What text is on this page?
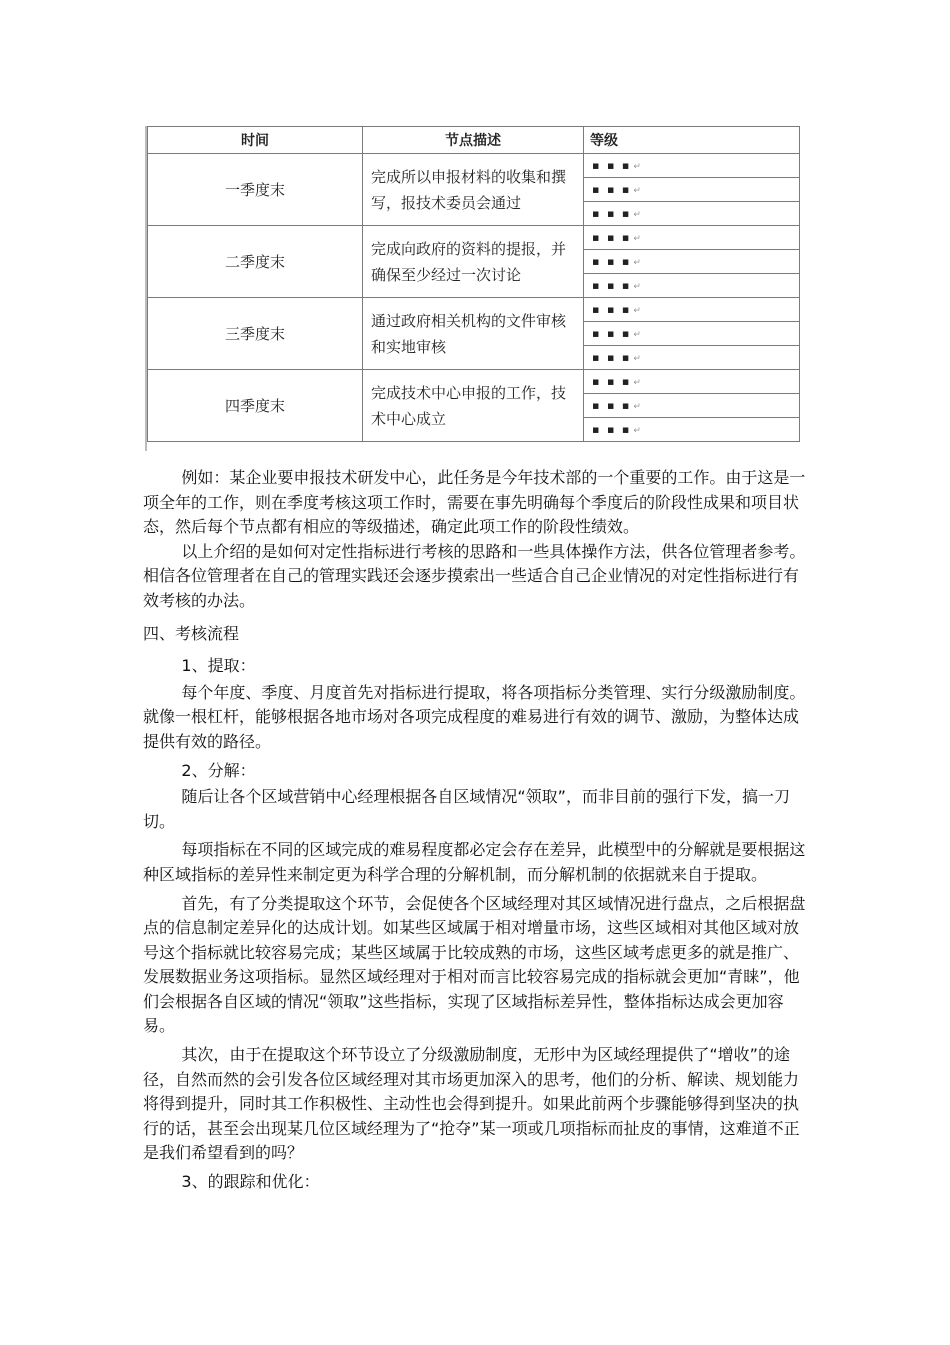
时间	节点描述	等级
一季度末	完成所以申报材料的收集和撰写，报技术委员会通过	▪ ▪ ▪ ↵
		▪ ▪ ▪ ↵
		▪ ▪ ▪ ↵
二季度末	完成向政府的资料的提报，并确保至少经过一次讨论	▪ ▪ ▪ ↵
		▪ ▪ ▪ ↵
		▪ ▪ ▪ ↵
三季度末	通过政府相关机构的文件审核和实地审核	▪ ▪ ▪ ↵
		▪ ▪ ▪ ↵
		▪ ▪ ▪ ↵
四季度末	完成技术中心申报的工作，技术中心成立	▪ ▪ ▪ ↵
		▪ ▪ ▪ ↵
		▪ ▪ ▪ ↵

例如：某企业要申报技术研发中心，此任务是今年技术部的一个重要的工作。由于这是一项全年的工作，则在季度考核这项工作时，需要在事先明确每个季度后的阶段性成果和项目状态，然后每个节点都有相应的等级描述，确定此项工作的阶段性绩效。

以上介绍的是如何对定性指标进行考核的思路和一些具体操作方法，供各位管理者参考。相信各位管理者在自己的管理实践还会逐步摸索出一些适合自己企业情况的对定性指标进行有效考核的办法。

四、考核流程

1、提取：

每个年度、季度、月度首先对指标进行提取，将各项指标分类管理、实行分级激励制度。就像一根杠杆，能够根据各地市场对各项完成程度的难易进行有效的调节、激励，为整体达成提供有效的路径。

2、分解：

随后让各个区域营销中心经理根据各自区域情况“领取”，而非目前的强行下发，搞一刀切。

每项指标在不同的区域完成的难易程度都必定会存在差异，此模型中的分解就是要根据这种区域指标的差异性来制定更为科学合理的分解机制，而分解机制的依据就来自于提取。

首先，有了分类提取这个环节，会促使各个区域经理对其区域情况进行盘点，之后根据盘点的信息制定差异化的达成计划。如某些区域属于相对增量市场，这些区域相对其他区域对放号这个指标就比较容易完成；某些区域属于比较成熟的市场，这些区域考虑更多的就是推广、发展数据业务这项指标。显然区域经理对于相对而言比较容易完成的指标就会更加“青睐”，他们会根据各自区域的情况“领取”这些指标，实现了区域指标差异性，整体指标达成会更加容易。

其次，由于在提取这个环节设立了分级激励制度，无形中为区域经理提供了“增收”的途径，自然而然的会引发各位区域经理对其市场更加深入的思考，他们的分析、解读、规划能力将得到提升，同时其工作积极性、主动性也会得到提升。如果此前两个步骤能够得到坚决的执行的话，甚至会出现某几位区域经理为了“抢夺”某一项或几项指标而扯皮的事情，这难道不正是我们希望看到的吗？

3、的跟踪和优化：
